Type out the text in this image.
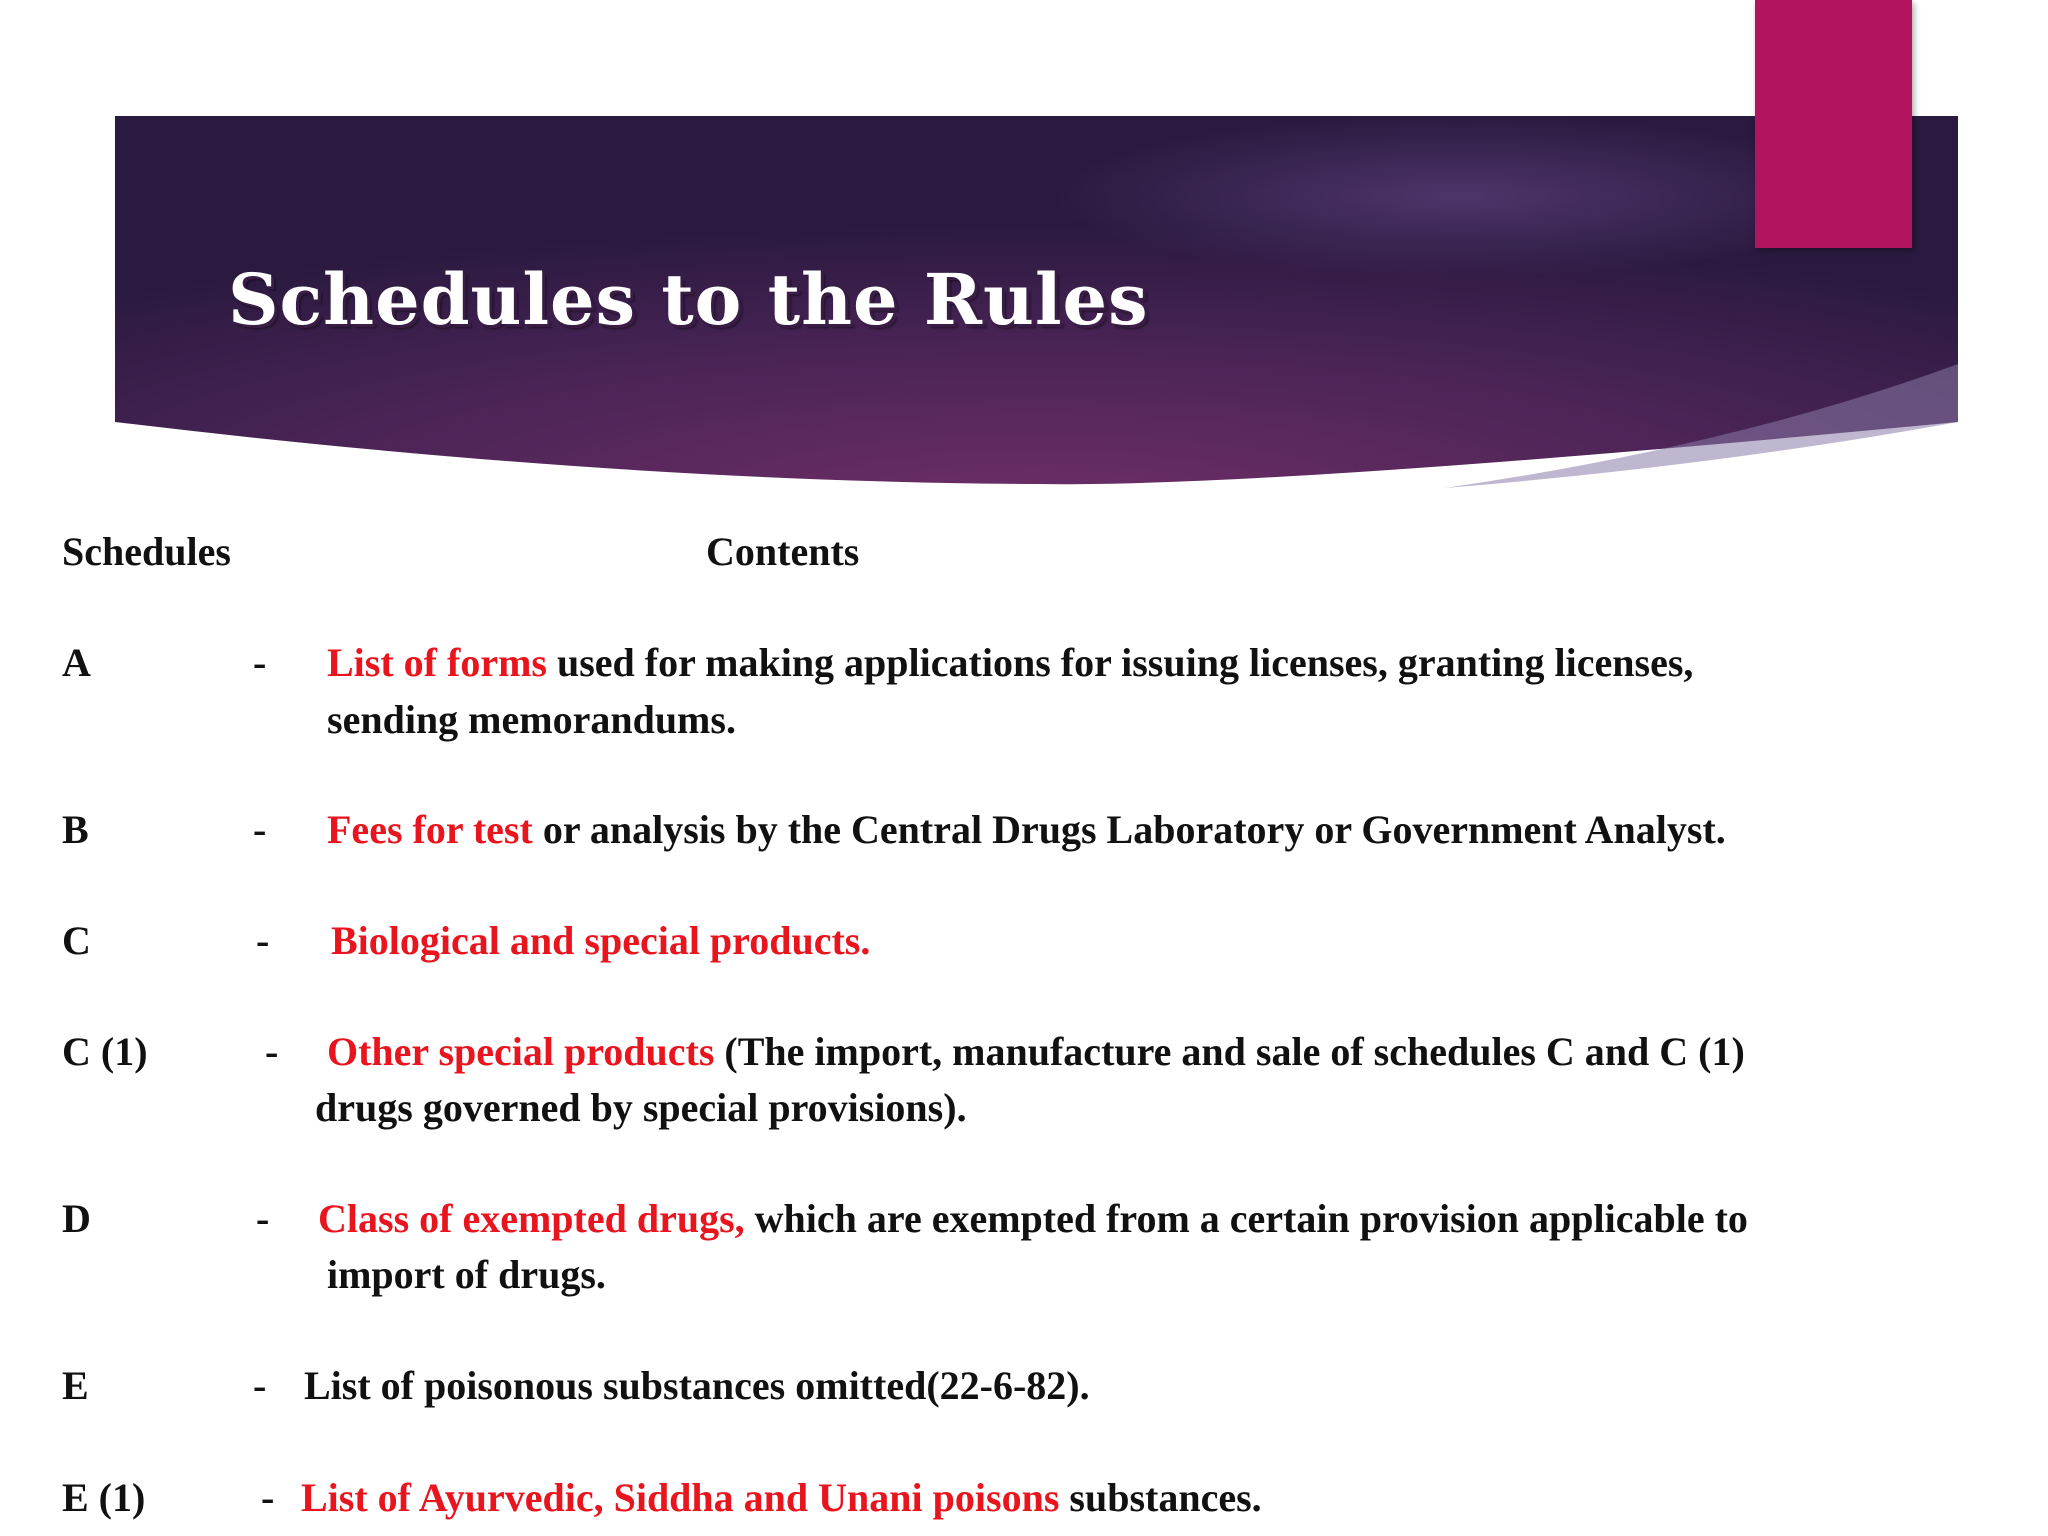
Schedules to the Rules
Schedules	Contents
A	- List of forms used for making applications for issuing licenses, granting licenses,
sending memorandums.
B	- Fees for test or analysis by the Central Drugs Laboratory or Government Analyst.
C	- Biological and special products.
C (1)	- Other special products (The import, manufacture and sale of schedules C and C (1)
drugs governed by special provisions).
D	- Class of exempted drugs, which are exempted from a certain provision applicable to
import of drugs.
E	- List of poisonous substances omitted(22-6-82).
E (1)	- List of Ayurvedic, Siddha and Unani poisons substances.
